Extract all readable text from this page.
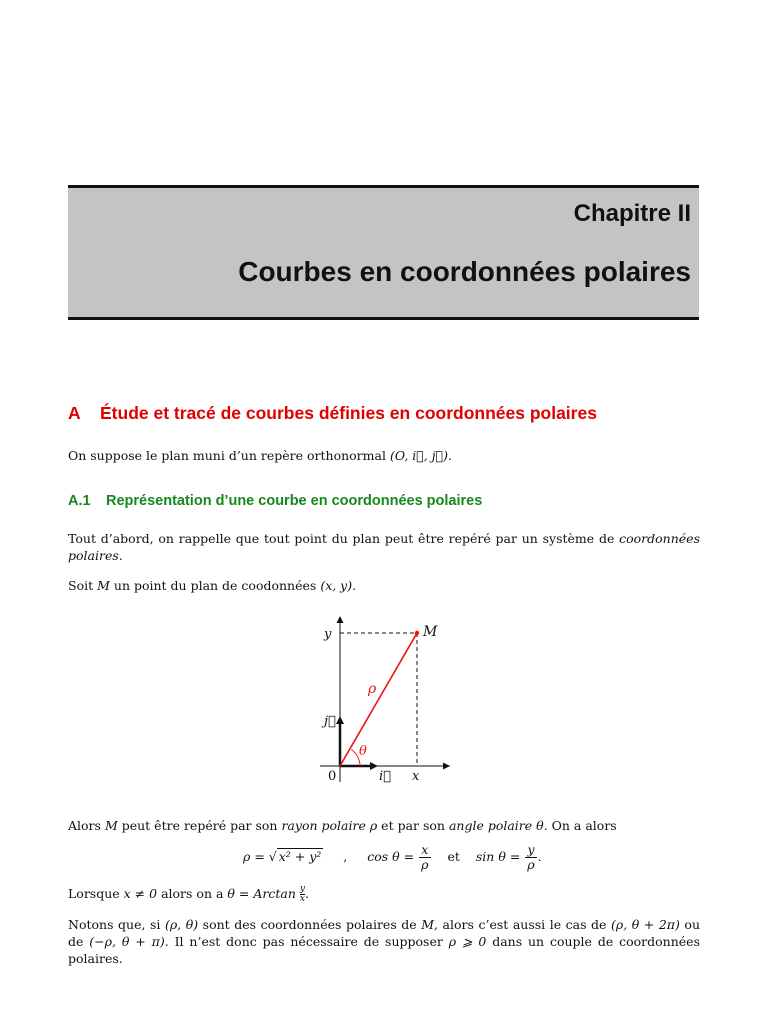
Chapitre II
Courbes en coordonnées polaires
A Étude et tracé de courbes définies en coordonnées polaires
On suppose le plan muni d’un repère orthonormal (O, i⃗, j⃗).
A.1 Représentation d’une courbe en coordonnées polaires
Tout d’abord, on rappelle que tout point du plan peut être repéré par un système de coordonnées polaires.
Soit M un point du plan de coodonnées (x, y).
y	M
ρ
j⃗
θ
0	i⃗ x
Alors M peut être repéré par son rayon polaire ρ et par son angle polaire θ. On a alors
ρ = √ x² + y² , $\cos \theta = \frac{x}{\rho}$ et $\sin \theta = \frac{y}{\rho}$ .
Lorsque x ≠ 0 alors on a θ = Arctan $\frac{y}{x}$ .
Notons que, si (ρ, θ) sont des coordonnées polaires de M, alors c’est aussi le cas de (ρ, θ + 2π) ou de (−ρ, θ + π). Il n’est donc pas nécessaire de supposer ρ ⩾ 0 dans un couple de coordonnées polaires.
